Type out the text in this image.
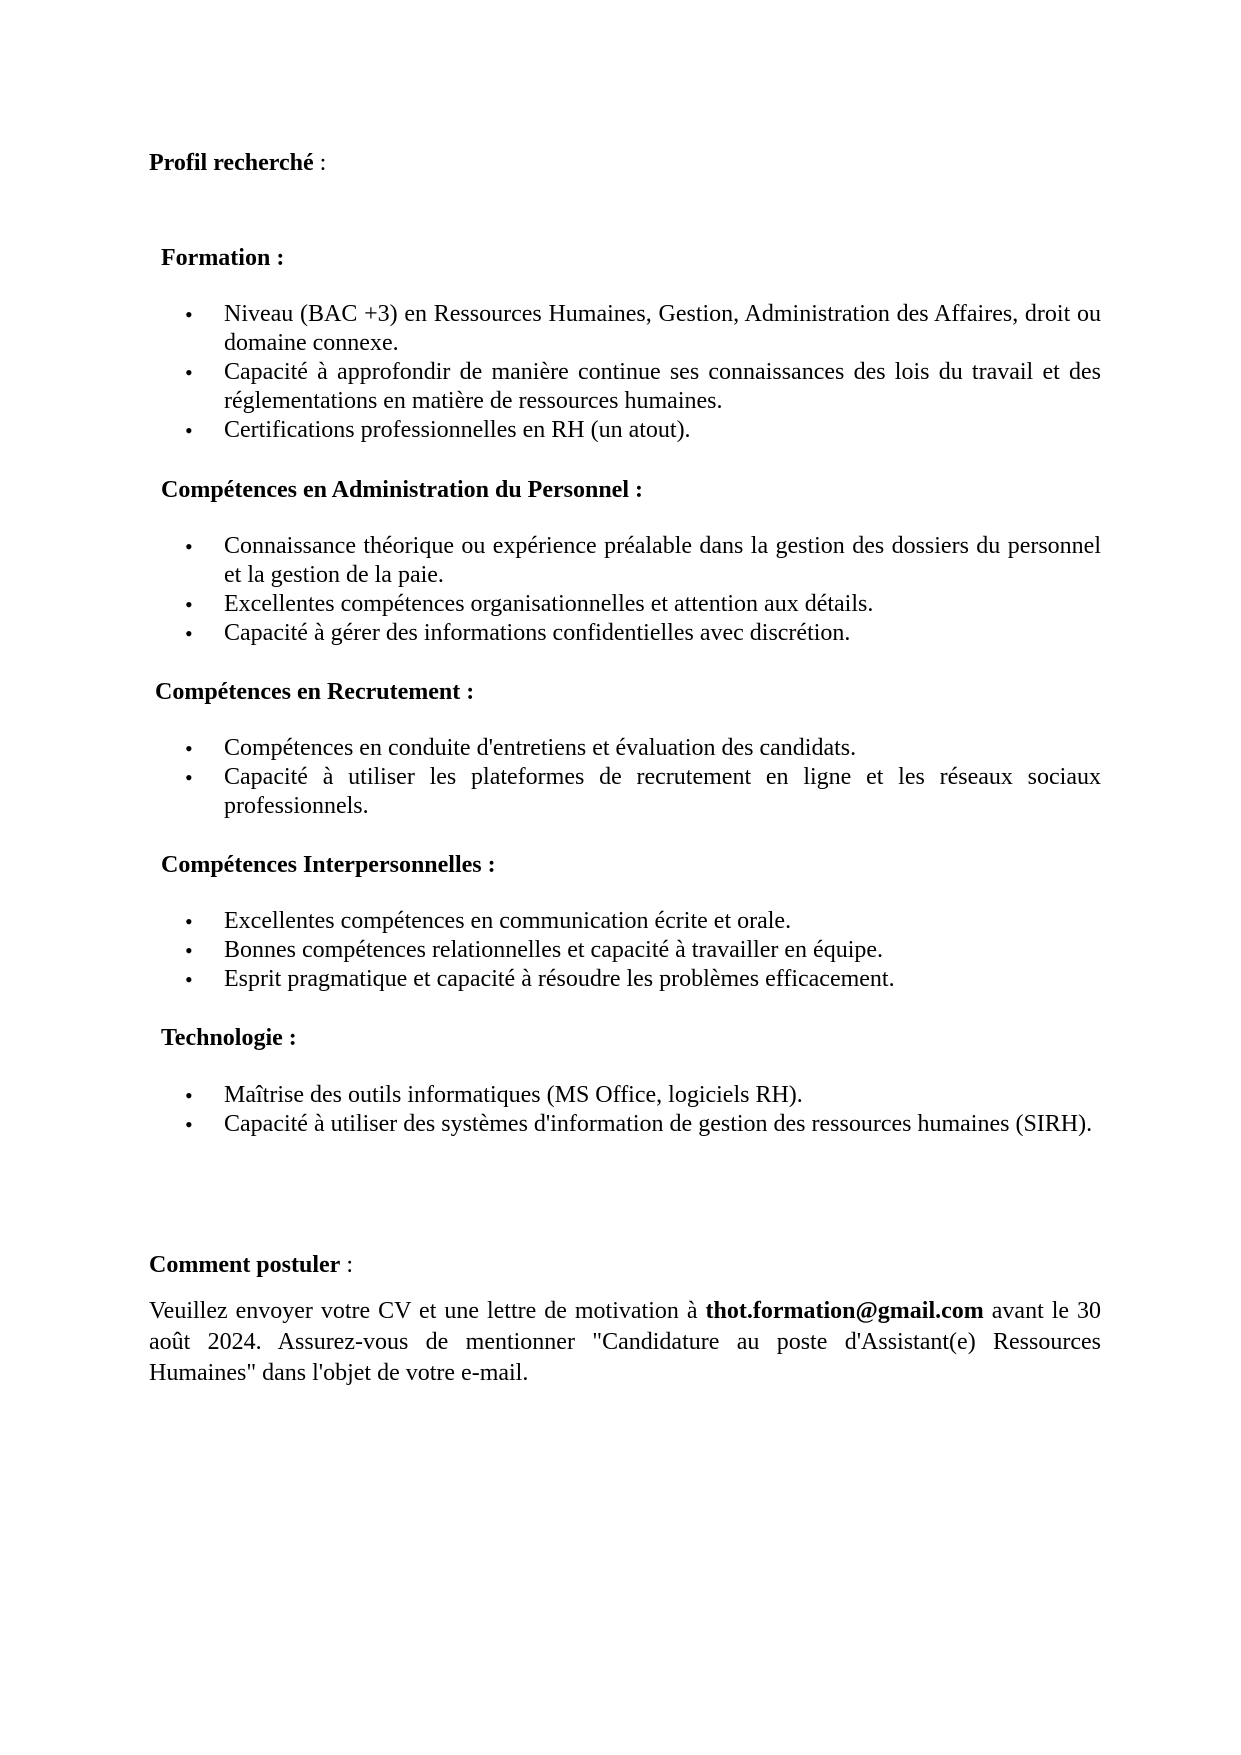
Profil recherché :
Formation :
• Niveau (BAC +3) en Ressources Humaines, Gestion, Administration des Affaires, droit ou domaine connexe.
• Capacité à approfondir de manière continue ses connaissances des lois du travail et des réglementations en matière de ressources humaines.
• Certifications professionnelles en RH (un atout).
Compétences en Administration du Personnel :
• Connaissance théorique ou expérience préalable dans la gestion des dossiers du personnel et la gestion de la paie.
• Excellentes compétences organisationnelles et attention aux détails.
• Capacité à gérer des informations confidentielles avec discrétion.
Compétences en Recrutement :
• Compétences en conduite d'entretiens et évaluation des candidats.
• Capacité à utiliser les plateformes de recrutement en ligne et les réseaux sociaux professionnels.
Compétences Interpersonnelles :
• Excellentes compétences en communication écrite et orale.
• Bonnes compétences relationnelles et capacité à travailler en équipe.
• Esprit pragmatique et capacité à résoudre les problèmes efficacement.
Technologie :
• Maîtrise des outils informatiques (MS Office, logiciels RH).
• Capacité à utiliser des systèmes d'information de gestion des ressources humaines (SIRH).
Comment postuler :

Veuillez envoyer votre CV et une lettre de motivation à thot.formation@gmail.com avant le 30 août 2024. Assurez-vous de mentionner "Candidature au poste d'Assistant(e) Ressources Humaines" dans l'objet de votre e-mail.
